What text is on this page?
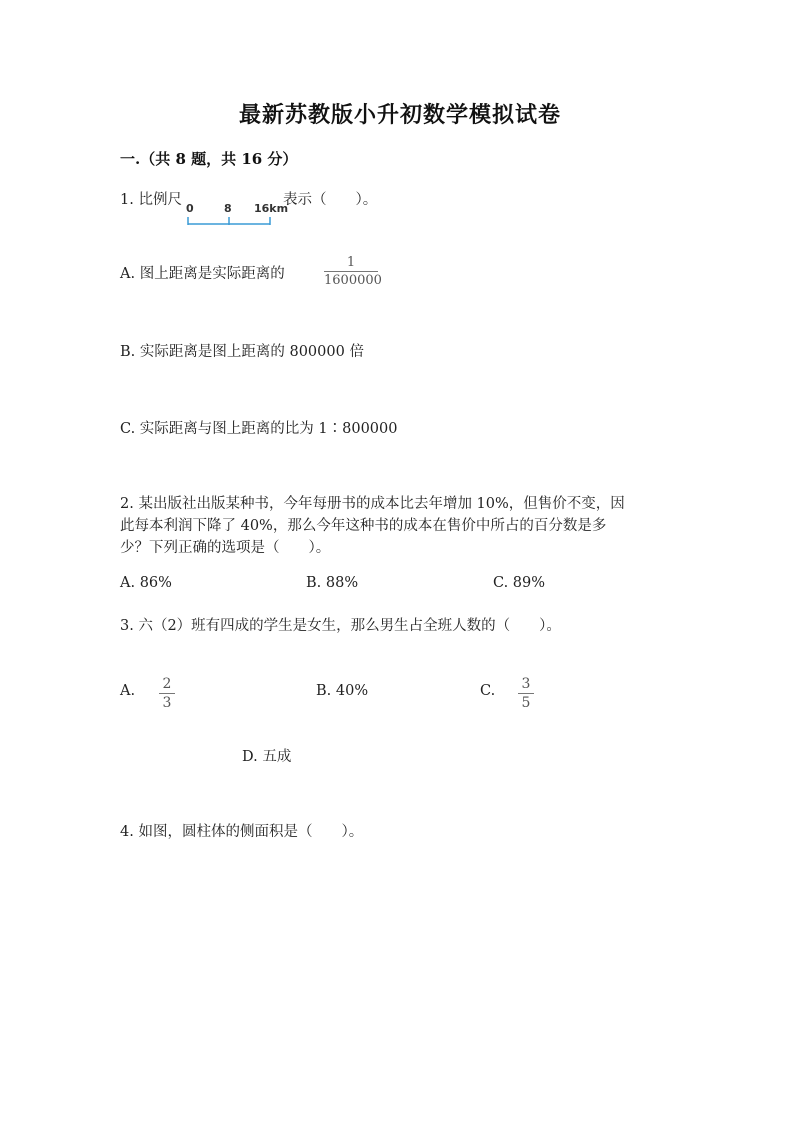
最新苏教版小升初数学模拟试卷
一.（共 8 题，共 16 分）
1. 比例尺
0	8 16km
表示（　　）。
A. 图上距离是实际距离的
1
1600000
B. 实际距离是图上距离的 800000 倍
C. 实际距离与图上距离的比为 1∶800000
2. 某出版社出版某种书，今年每册书的成本比去年增加 10%，但售价不变，因
此每本利润下降了 40%，那么今年这种书的成本在售价中所占的百分数是多
少？下列正确的选项是（　　）。
A. 86%	B. 88%	C. 89%
3. 六（2）班有四成的学生是女生，那么男生占全班人数的（　　）。
A. 2
3
B. 40%	C. 3
5
D. 五成
4. 如图，圆柱体的侧面积是（　　）。
